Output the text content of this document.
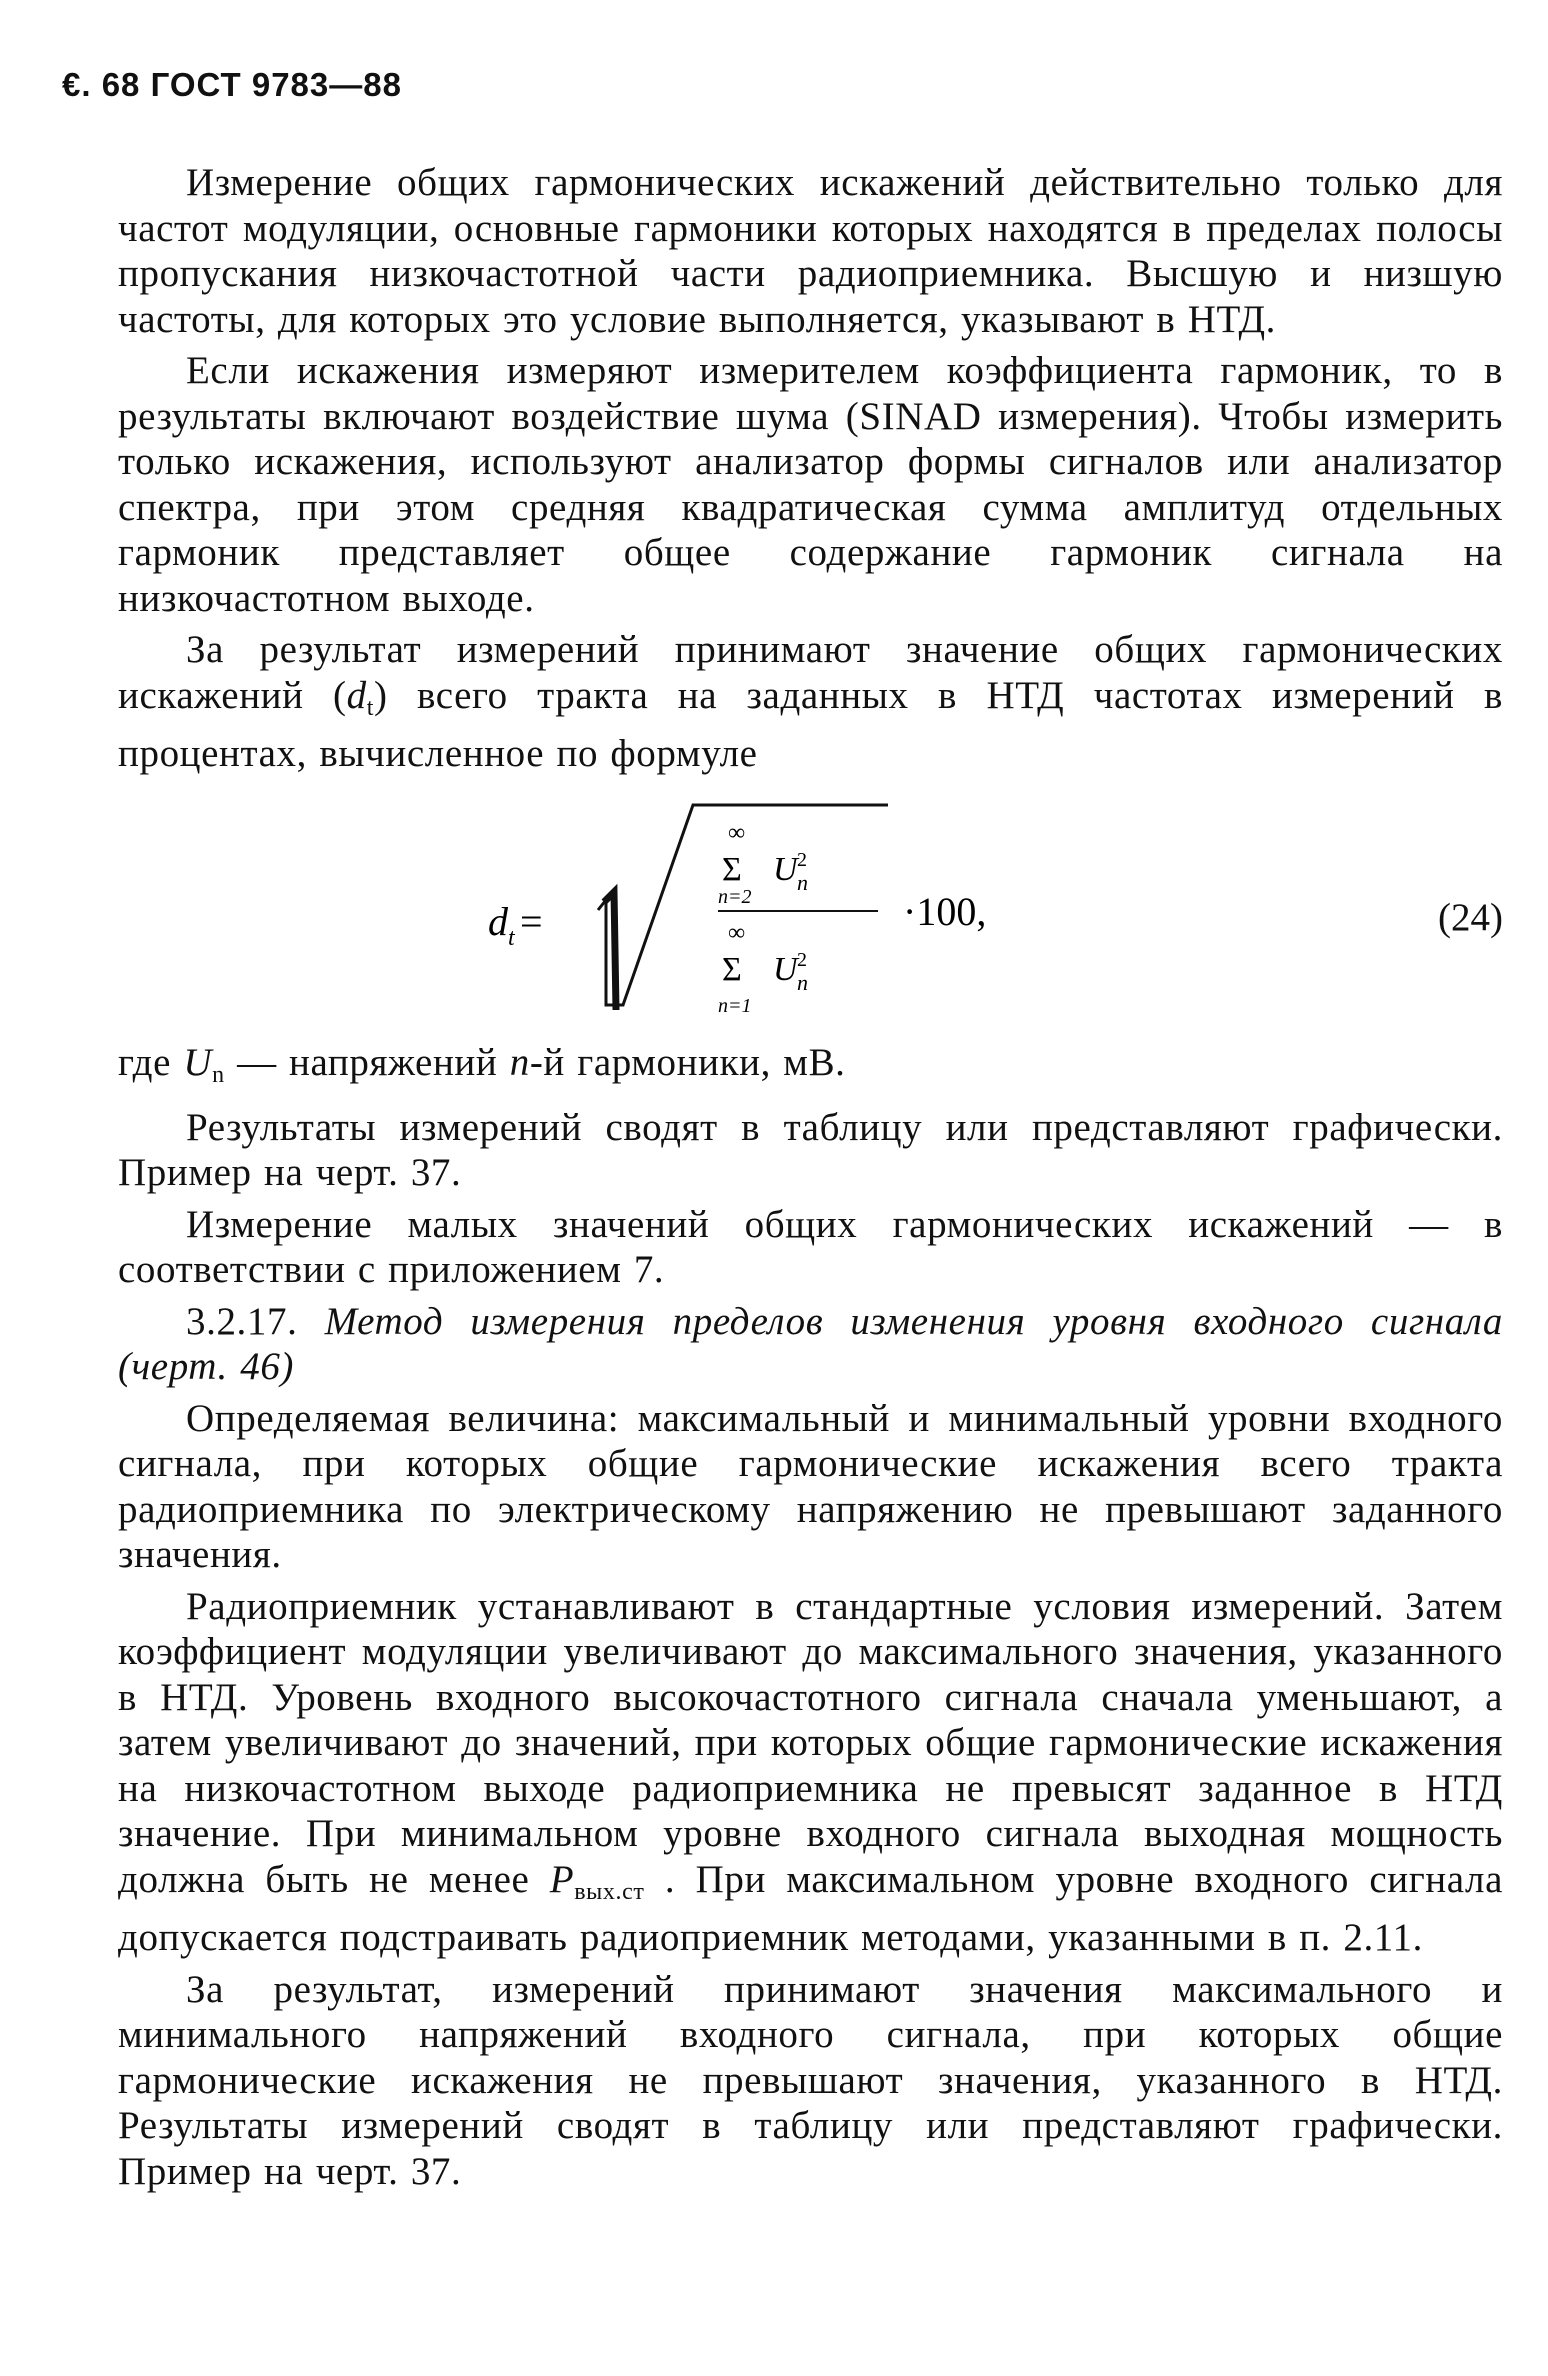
€. 68 ГОСТ 9783—88

Измерение общих гармонических искажений действительно только для частот модуляции, основные гармоники которых находятся в пределах полосы пропускания низкочастотной части радиоприемника. Высшую и низшую частоты, для которых это условие выполняется, указывают в НТД.

Если искажения измеряют измерителем коэффициента гармоник, то в результаты включают воздействие шума (SINAD измерения). Чтобы измерить только искажения, используют анализатор формы сигналов или анализатор спектра, при этом средняя квадратическая сумма амплитуд отдельных гармоник представляет общее содержание гармоник сигнала на низкочастотном выходе.

За результат измерений принимают значение общих гармонических искажений $(d_t)$ всего тракта на заданных в НТД частотах измерений в процентах, вычисленное по формуле

d t =
∞
Σ
n=2
U 2
n
∞
Σ
n=1
U 2
n
·100,	(24)

где $U_n$ — напряжений n-й гармоники, мВ.

Результаты измерений сводят в таблицу или представляют графически. Пример на черт. 37.

Измерение малых значений общих гармонических искажений — в соответствии с приложением 7.

3.2.17. Метод измерения пределов изменения уровня входного сигнала (черт. 46)

Определяемая величина: максимальный и минимальный уровни входного сигнала, при которых общие гармонические искажения всего тракта радиоприемника по электрическому напряжению не превышают заданного значения.

Радиоприемник устанавливают в стандартные условия измерений. Затем коэффициент модуляции увеличивают до максимального значения, указанного в НТД. Уровень входного высокочастотного сигнала сначала уменьшают, а затем увеличивают до значений, при которых общие гармонические искажения на низкочастотном выходе радиоприемника не превысят заданное в НТД значение. При минимальном уровне входного сигнала выходная мощность должна быть не менее $P_{вых.ст}$ . При максимальном уровне входного сигнала допускается подстраивать радиоприемник методами, указанными в п. 2.11.

За результат, измерений принимают значения максимального и минимального напряжений входного сигнала, при которых общие гармонические искажения не превышают значения, указанного в НТД. Результаты измерений сводят в таблицу или представляют графически. Пример на черт. 37.
